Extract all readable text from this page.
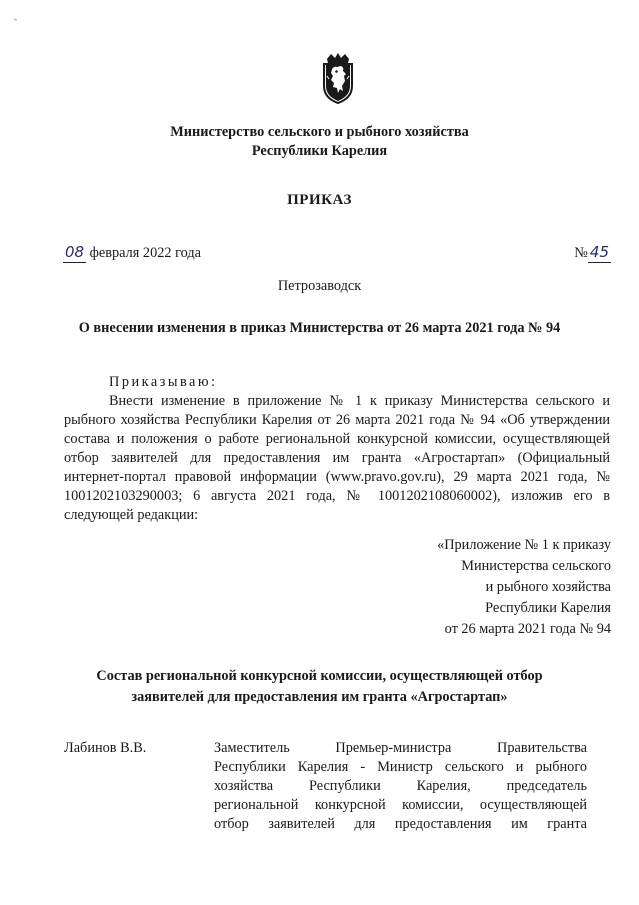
-
Министерство сельского и рыбного хозяйства
Республики Карелия
ПРИКАЗ
08 февраля 2022 года	№ 45
Петрозаводск
О внесении изменения в приказ Министерства от 26 марта 2021 года № 94

Приказываю:

Внести изменение в приложение № 1 к приказу Министерства сельского и рыбного хозяйства Республики Карелия от 26 марта 2021 года № 94 «Об утверждении состава и положения о работе региональной конкурсной комиссии, осуществляющей отбор заявителей для предоставления им гранта «Агростартап» (Официальный интернет-портал правовой информации (www.pravo.gov.ru), 29 марта 2021 года, № 1001202103290003; 6 августа 2021 года, № 1001202108060002), изложив его в следующей редакции:

«Приложение № 1 к приказу
Министерства сельского
и рыбного хозяйства
Республики Карелия
от 26 марта 2021 года № 94
Состав региональной конкурсной комиссии, осуществляющей отбор
заявителей для предоставления им гранта «Агростартап»
Лабинов В.В.	Заместитель Премьер-министра Правительства
Республики Карелия - Министр сельского и рыбного
хозяйства Республики Карелия, председатель
региональной конкурсной комиссии, осуществляющей
отбор заявителей для предоставления им гранта
